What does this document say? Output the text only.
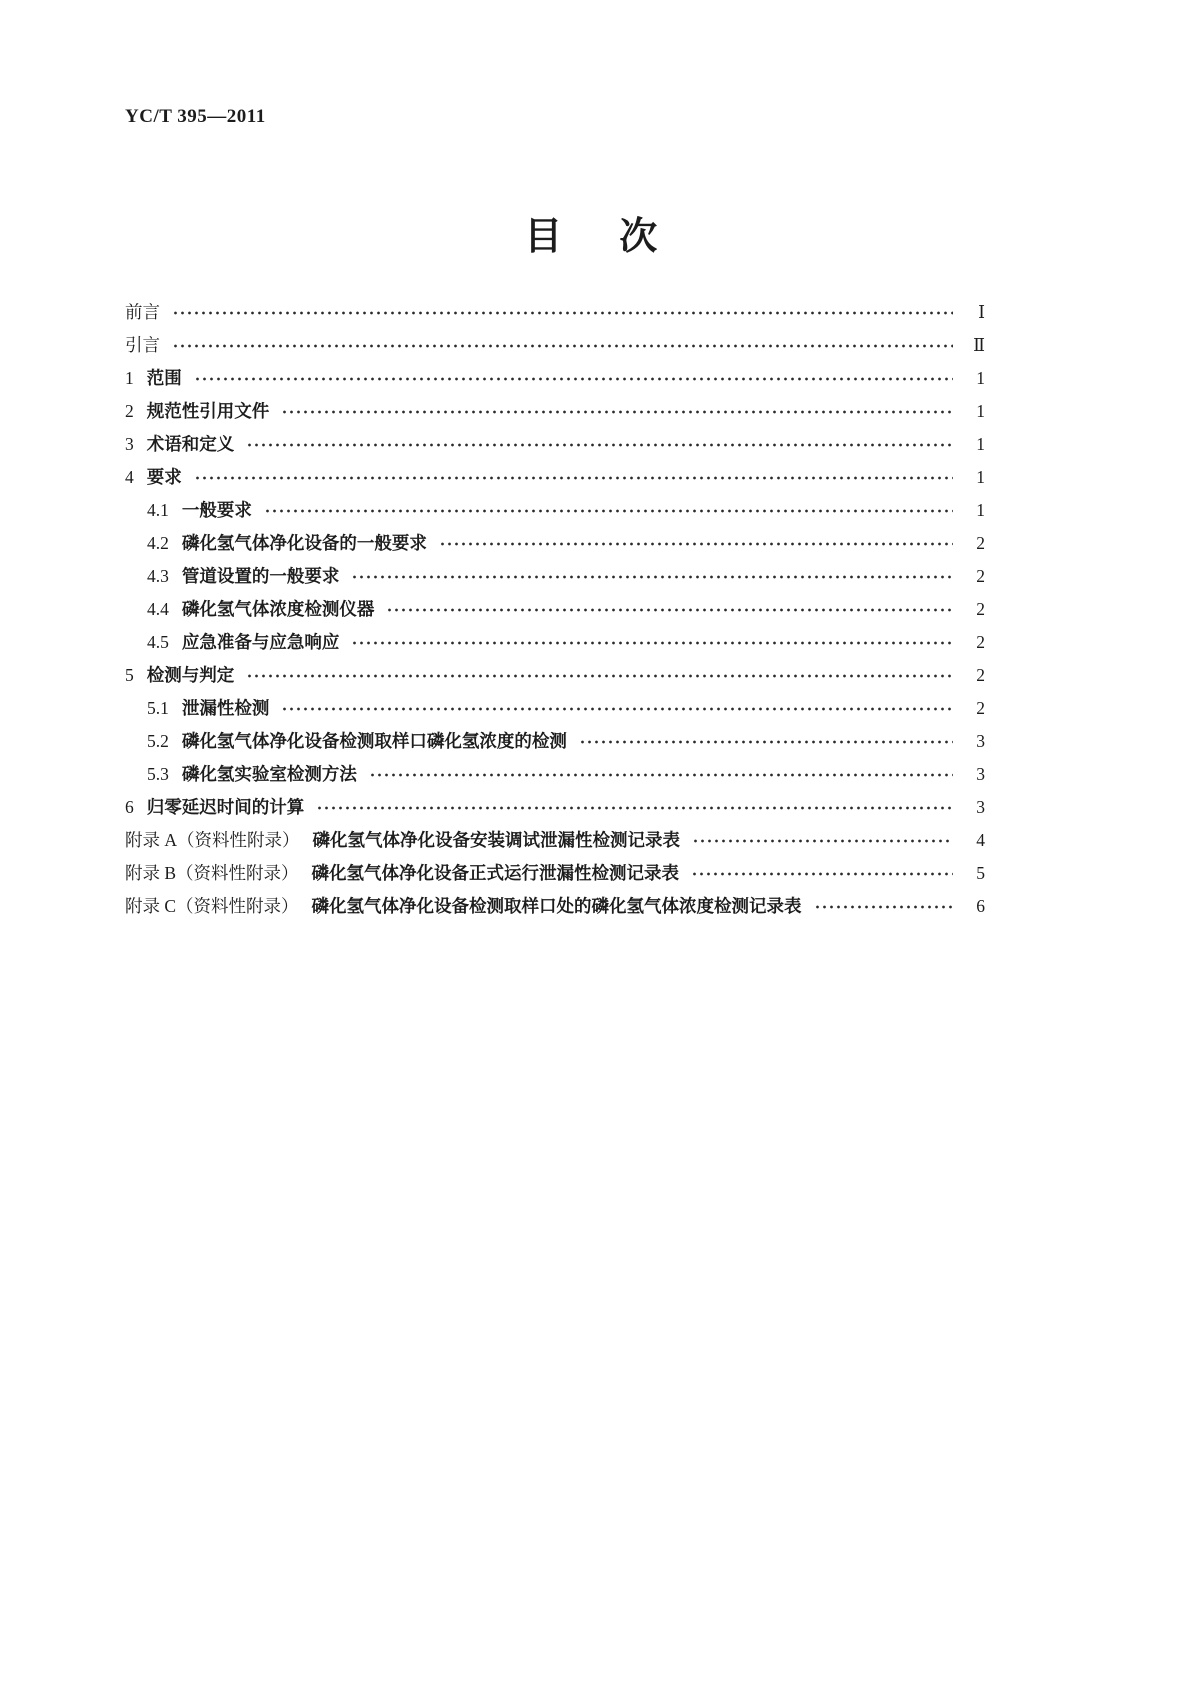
YC/T 395—2011
目　次
前言	Ⅰ
引言	Ⅱ
1 范围	1
2 规范性引用文件	1
3 术语和定义	1
4 要求	1
4.1 一般要求	1
4.2 磷化氢气体净化设备的一般要求	2
4.3 管道设置的一般要求	2
4.4 磷化氢气体浓度检测仪器	2
4.5 应急准备与应急响应	2
5 检测与判定	2
5.1 泄漏性检测	2
5.2 磷化氢气体净化设备检测取样口磷化氢浓度的检测	3
5.3 磷化氢实验室检测方法	3
6 归零延迟时间的计算	3
附录 A（资料性附录） 磷化氢气体净化设备安装调试泄漏性检测记录表	4
附录 B（资料性附录） 磷化氢气体净化设备正式运行泄漏性检测记录表	5
附录 C（资料性附录） 磷化氢气体净化设备检测取样口处的磷化氢气体浓度检测记录表	6
